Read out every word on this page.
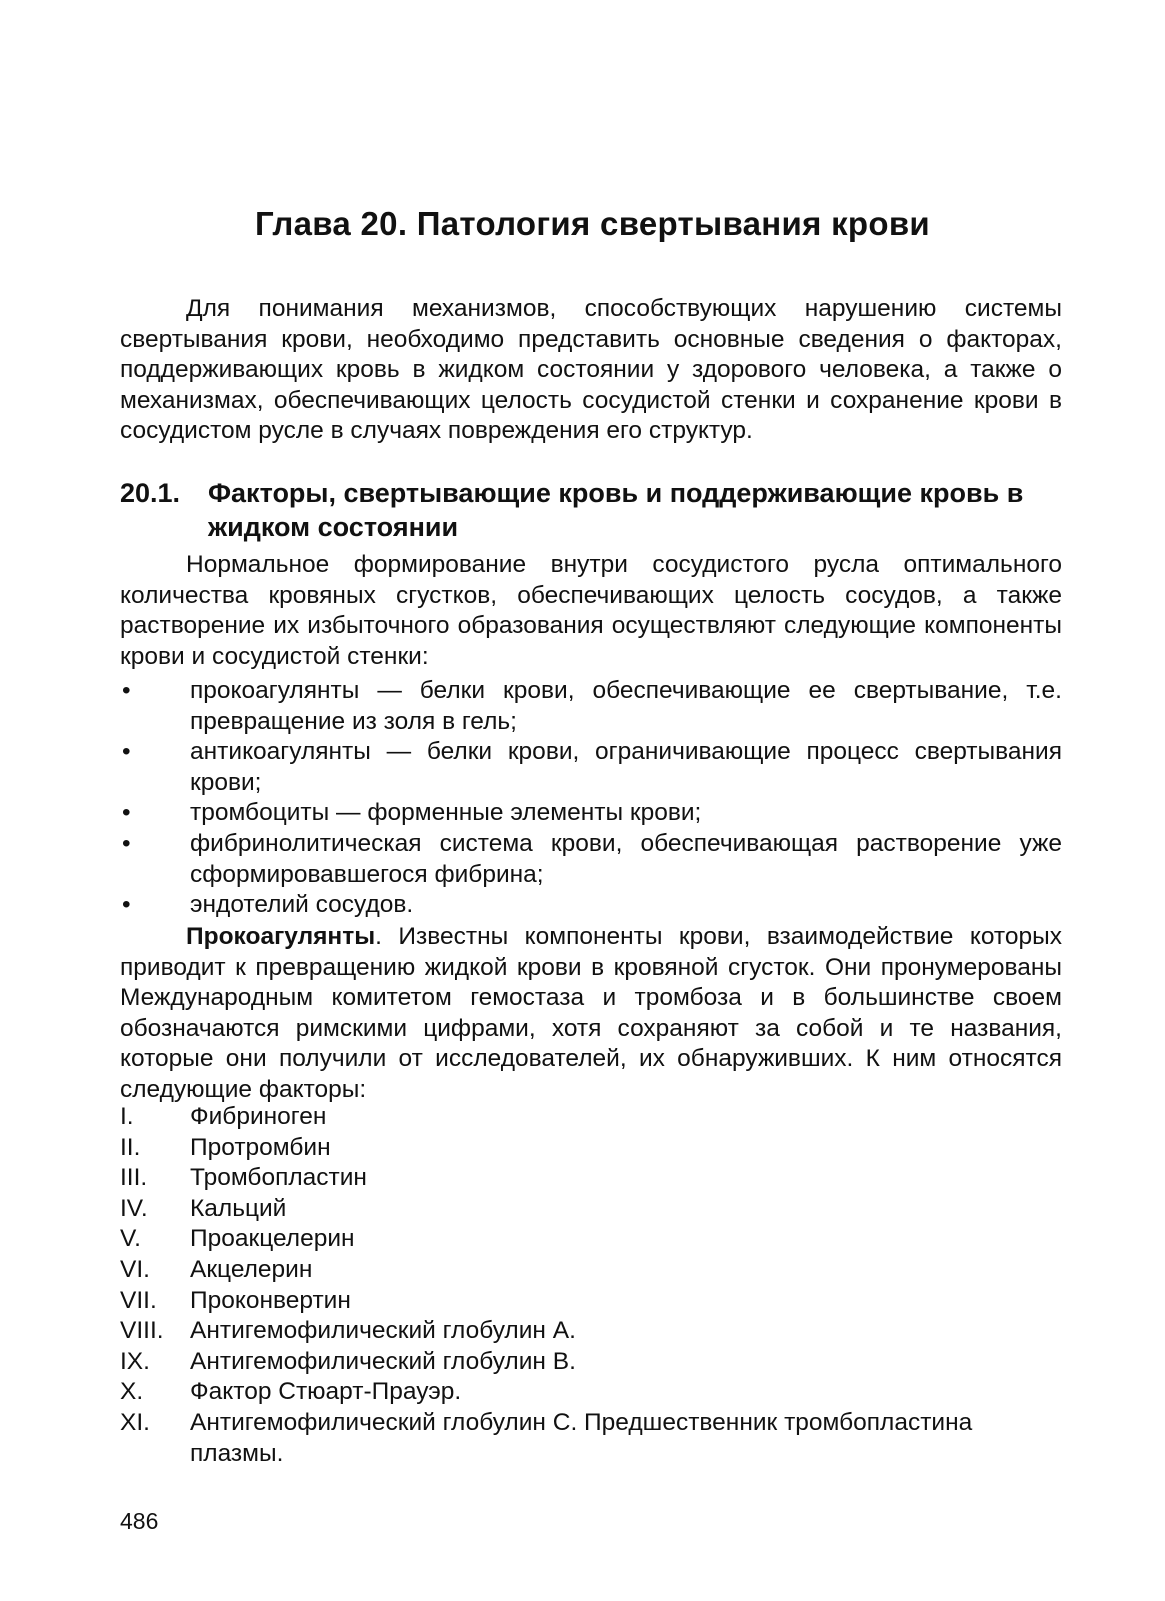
Глава 20. Патология свертывания крови

Для понимания механизмов, способствующих нарушению системы свертывания крови, необходимо представить основные сведения о факторах, поддерживающих кровь в жидком состоянии у здорового человека, а также о механизмах, обеспечивающих целость сосудистой стенки и сохранение крови в сосудистом русле в случаях повреждения его структур.

20.1. Факторы, свертывающие кровь и поддерживающие кровь в жидком состоянии

Нормальное формирование внутри сосудистого русла оптимального количества кровяных сгустков, обеспечивающих целость сосудов, а также растворение их избыточного образования осуществляют следующие компоненты крови и сосудистой стенки:

• прокоагулянты — белки крови, обеспечивающие ее свертывание, т.е. превращение из золя в гель;
• антикоагулянты — белки крови, ограничивающие процесс свертывания крови;
• тромбоциты — форменные элементы крови;
• фибринолитическая система крови, обеспечивающая растворение уже сформировавшегося фибрина;
• эндотелий сосудов.

Прокоагулянты. Известны компоненты крови, взаимодействие которых приводит к превращению жидкой крови в кровяной сгусток. Они пронумерованы Международным комитетом гемостаза и тромбоза и в большинстве своем обозначаются римскими цифрами, хотя сохраняют за собой и те названия, которые они получили от исследователей, их обнаруживших. К ним относятся следующие факторы:

I. Фибриноген
II. Протромбин
III. Тромбопластин
IV. Кальций
V. Проакцелерин
VI. Акцелерин
VII. Проконвертин
VIII. Антигемофилический глобулин А.
IX. Антигемофилический глобулин В.
X. Фактор Стюарт-Прауэр.
XI. Антигемофилический глобулин С. Предшественник тромбопластина плазмы.
486
